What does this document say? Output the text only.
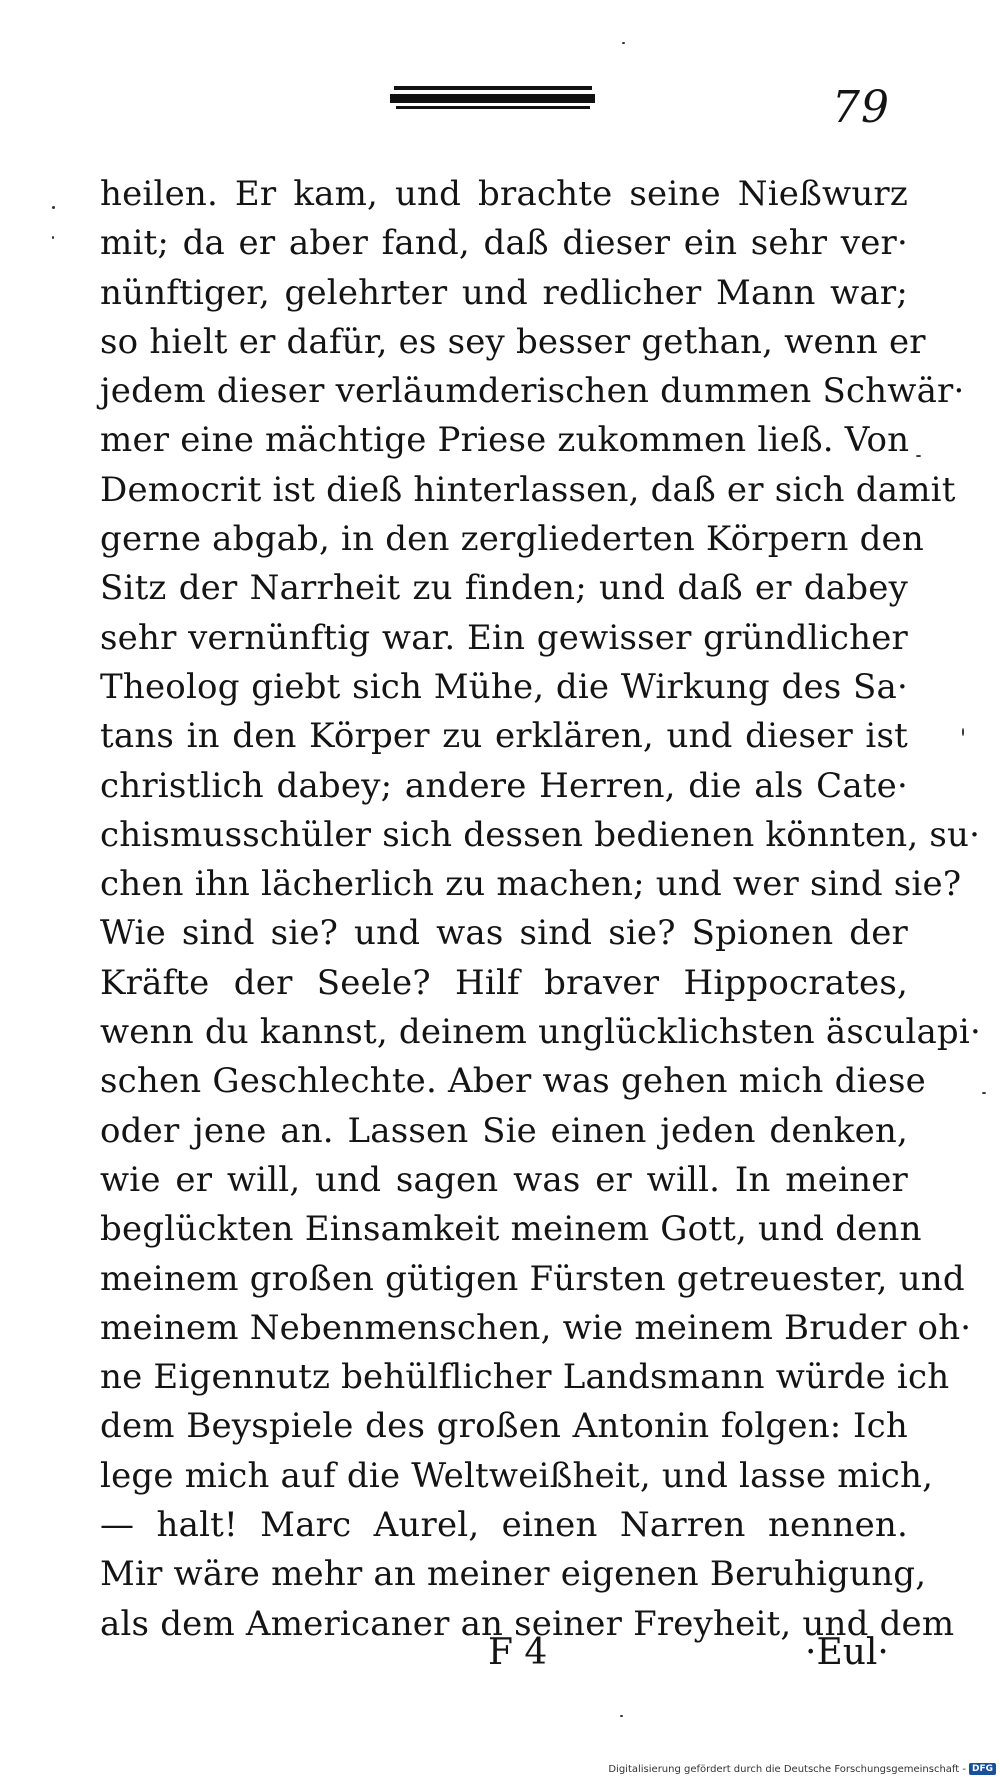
79
heilen. Er kam, und brachte seine Nießwurz
mit; da er aber fand, daß dieser ein sehr ver·
nünftiger, gelehrter und redlicher Mann war;
so hielt er dafür, es sey besser gethan, wenn er
jedem dieser verläumderischen dummen Schwär·
mer eine mächtige Priese zukommen ließ. Von
Democrit ist dieß hinterlassen, daß er sich damit
gerne abgab, in den zergliederten Körpern den
Sitz der Narrheit zu finden; und daß er dabey
sehr vernünftig war. Ein gewisser gründlicher
Theolog giebt sich Mühe, die Wirkung des Sa·
tans in den Körper zu erklären, und dieser ist
christlich dabey; andere Herren, die als Cate·
chismusschüler sich dessen bedienen könnten, su·
chen ihn lächerlich zu machen; und wer sind sie?
Wie sind sie? und was sind sie? Spionen der
Kräfte der Seele? Hilf braver Hippocrates,
wenn du kannst, deinem unglücklichsten äsculapi·
schen Geschlechte. Aber was gehen mich diese
oder jene an. Lassen Sie einen jeden denken,
wie er will, und sagen was er will. In meiner
beglückten Einsamkeit meinem Gott, und denn
meinem großen gütigen Fürsten getreuester, und
meinem Nebenmenschen, wie meinem Bruder oh·
ne Eigennutz behülflicher Landsmann würde ich
dem Beyspiele des großen Antonin folgen: Ich
lege mich auf die Weltweißheit, und lasse mich,
— halt! Marc Aurel, einen Narren nennen.
Mir wäre mehr an meiner eigenen Beruhigung,
als dem Americaner an seiner Freyheit, und dem
F 4	·Eul·
Digitalisierung gefördert durch die Deutsche Forschungsgemeinschaft - DFG
